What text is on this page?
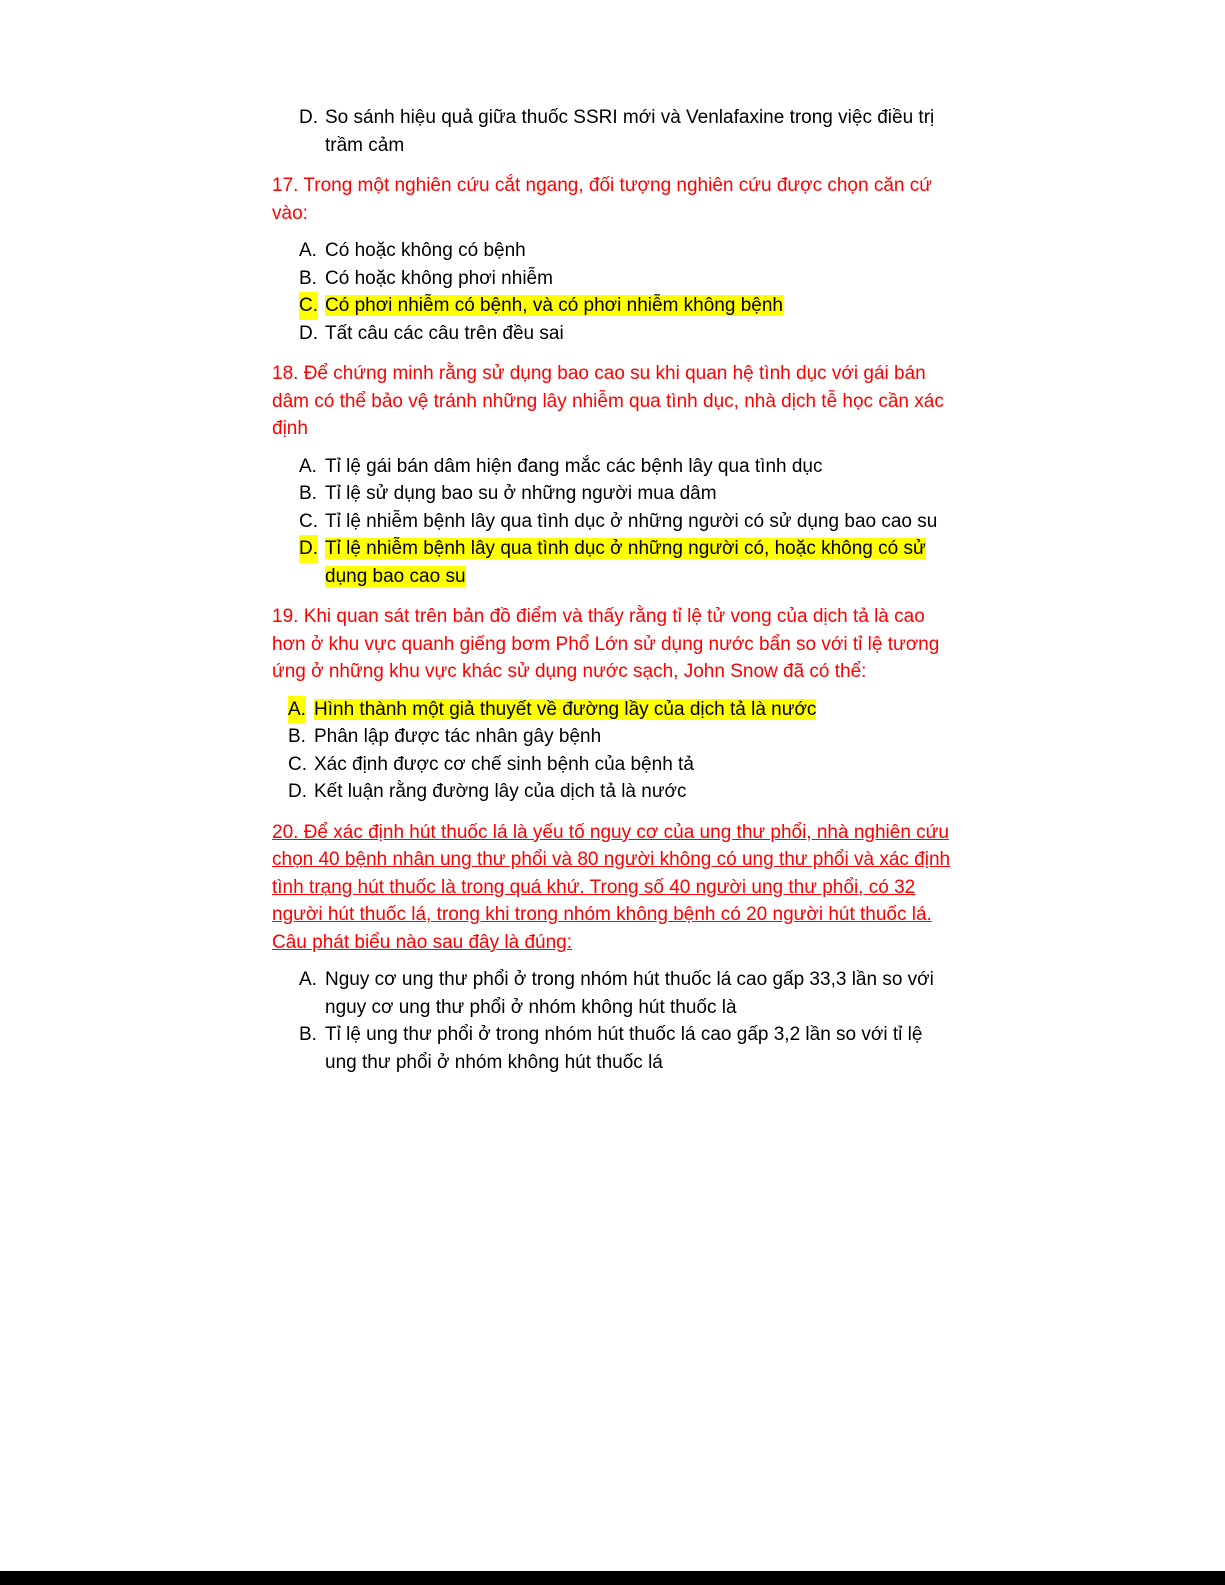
D. So sánh hiệu quả giữa thuốc SSRI mới và Venlafaxine trong việc điều trị trầm cảm

17. Trong một nghiên cứu cắt ngang, đối tượng nghiên cứu được chọn căn cứ vào:

A. Có hoặc không có bệnh
B. Có hoặc không phơi nhiễm
C. Có phơi nhiễm có bệnh, và có phơi nhiễm không bệnh
D. Tất câu các câu trên đều sai

18. Để chứng minh rằng sử dụng bao cao su khi quan hệ tình dục với gái bán dâm có thể bảo vệ tránh những lây nhiễm qua tình dục, nhà dịch tễ học cần xác định

A. Tỉ lệ gái bán dâm hiện đang mắc các bệnh lây qua tình dục
B. Tỉ lệ sử dụng bao su ở những người mua dâm
C. Tỉ lệ nhiễm bệnh lây qua tình dục ở những người có sử dụng bao cao su
D. Tỉ lệ nhiễm bệnh lây qua tình dục ở những người có, hoặc không có sử dụng bao cao su

19. Khi quan sát trên bản đồ điểm và thấy rằng tỉ lệ tử vong của dịch tả là cao hơn ở khu vực quanh giếng bơm Phổ Lớn sử dụng nước bẩn so với tỉ lệ tương ứng ở những khu vực khác sử dụng nước sạch, John Snow đã có thể:

A. Hình thành một giả thuyết về đường lầy của dịch tả là nước
B. Phân lập được tác nhân gây bệnh
C. Xác định được cơ chế sinh bệnh của bệnh tả
D. Kết luận rằng đường lây của dịch tả là nước

20. Để xác định hút thuốc lá là yếu tố nguy cơ của ung thư phổi, nhà nghiên cứu chọn 40 bệnh nhân ung thư phổi và 80 người không có ung thư phổi và xác định tình trạng hút thuốc là trong quá khứ. Trong số 40 người ung thư phổi, có 32 người hút thuốc lá, trong khi trong nhóm không bệnh có 20 người hút thuốc lá. Câu phát biểu nào sau đây là đúng:

A. Nguy cơ ung thư phổi ở trong nhóm hút thuốc lá cao gấp 33,3 lần so với nguy cơ ung thư phổi ở nhóm không hút thuốc là
B. Tỉ lệ ung thư phổi ở trong nhóm hút thuốc lá cao gấp 3,2 lần so với tỉ lệ ung thư phổi ở nhóm không hút thuốc lá
